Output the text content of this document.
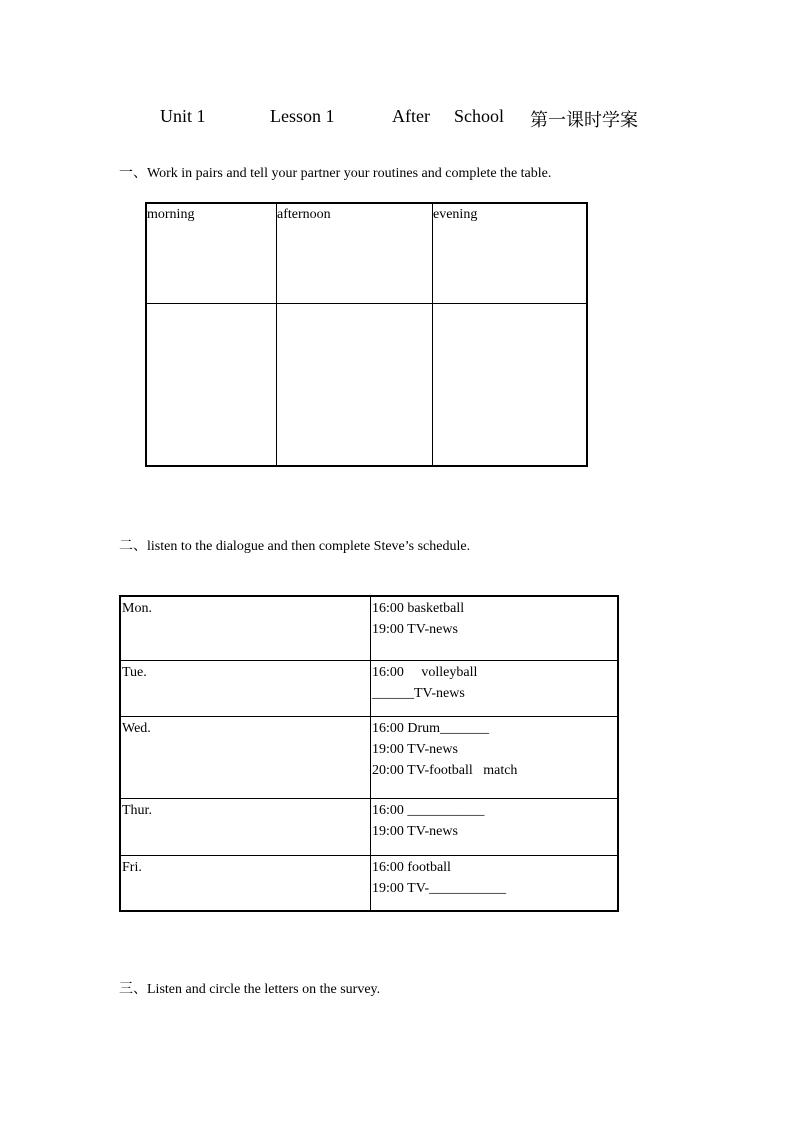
Unit 1	Lesson 1	After School 第一课时学案
一、Work in pairs and tell your partner your routines and complete the table.
morning	afternoon	evening

二、listen to the dialogue and then complete Steve’s schedule.
Mon.	16:00 basketball
19:00 TV-news

Tue.	16:00     volleyball
______TV-news

Wed.	16:00 Drum_______
19:00 TV-news
20:00 TV-football   match

Thur.	16:00 ___________
19:00 TV-news

Fri.	16:00 football
19:00 TV-___________
三、Listen and circle the letters on the survey.
